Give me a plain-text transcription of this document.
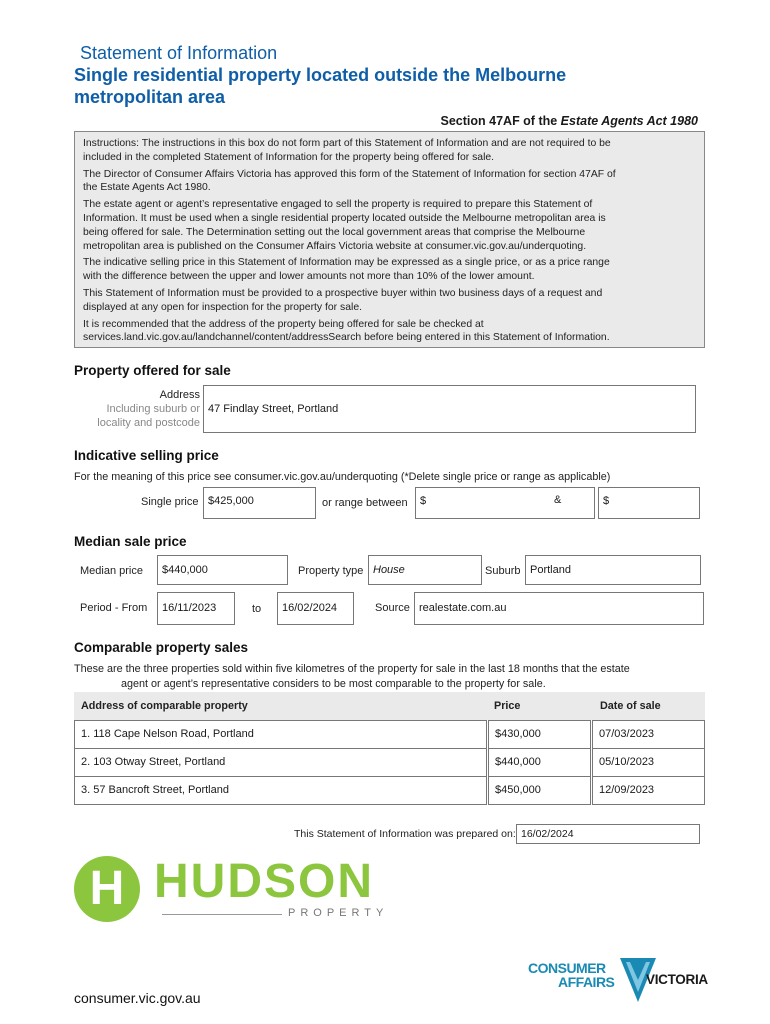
Statement of Information
Single residential property located outside the Melbourne
metropolitan area
Section 47AF of the Estate Agents Act 1980

Instructions: The instructions in this box do not form part of this Statement of Information and are not required to be
included in the completed Statement of Information for the property being offered for sale.

The Director of Consumer Affairs Victoria has approved this form of the Statement of Information for section 47AF of
the Estate Agents Act 1980.

The estate agent or agent’s representative engaged to sell the property is required to prepare this Statement of
Information. It must be used when a single residential property located outside the Melbourne metropolitan area is
being offered for sale. The Determination setting out the local government areas that comprise the Melbourne
metropolitan area is published on the Consumer Affairs Victoria website at consumer.vic.gov.au/underquoting.

The indicative selling price in this Statement of Information may be expressed as a single price, or as a price range
with the difference between the upper and lower amounts not more than 10% of the lower amount.

This Statement of Information must be provided to a prospective buyer within two business days of a request and
displayed at any open for inspection for the property for sale.

It is recommended that the address of the property being offered for sale be checked at
services.land.vic.gov.au/landchannel/content/addressSearch before being entered in this Statement of Information.

Property offered for sale
Address
Including suburb or
locality and postcode
47 Findlay Street, Portland
Indicative selling price
For the meaning of this price see consumer.vic.gov.au/underquoting (*Delete single price or range as applicable)
Single price $425,000	or range between	$	&	$
Median sale price
Median price	$440,000	Property type House	Suburb Portland
Period - From	16/11/2023	to	16/02/2024	Source realestate.com.au
Comparable property sales
These are the three properties sold within five kilometres of the property for sale in the last 18 months that the estate
agent or agent’s representative considers to be most comparable to the property for sale.
Address of comparable property	Price	Date of sale
1. 118 Cape Nelson Road, Portland	$430,000	07/03/2023
2. 103 Otway Street, Portland	$440,000	05/10/2023
3. 57 Bancroft Street, Portland	$450,000	12/09/2023
This Statement of Information was prepared on: 16/02/2024
H HUDSON
PROPERTY
CONSUMER
AFFAIRS VICTORIA
consumer.vic.gov.au
